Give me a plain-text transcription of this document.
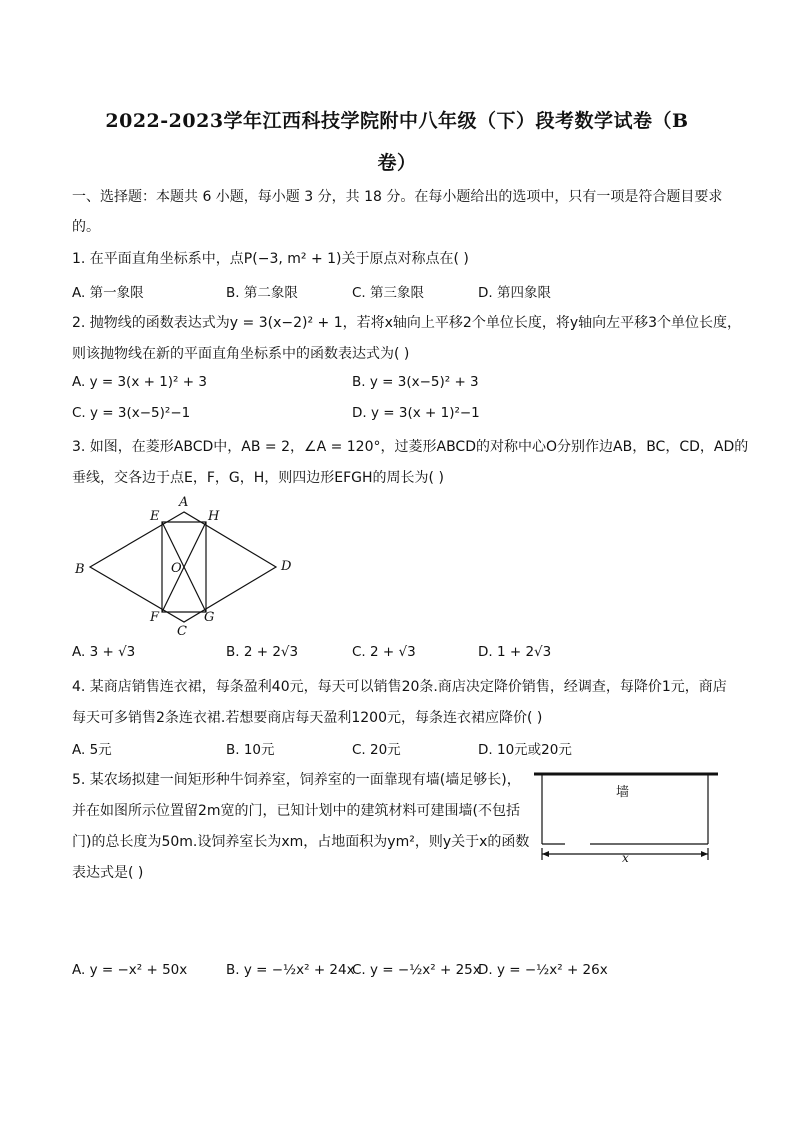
2022-2023学年江西科技学院附中八年级（下）段考数学试卷（B
卷）
一、选择题：本题共 6 小题，每小题 3 分，共 18 分。在每小题给出的选项中，只有一项是符合题目要求
的。
1. 在平面直角坐标系中，点P(−3, m² + 1)关于原点对称点在( )
A. 第一象限	B. 第二象限	C. 第三象限	D. 第四象限
2. 抛物线的函数表达式为y = 3(x−2)² + 1，若将x轴向上平移2个单位长度，将y轴向左平移3个单位长度，
则该抛物线在新的平面直角坐标系中的函数表达式为( )
A. y = 3(x + 1)² + 3	B. y = 3(x−5)² + 3
C. y = 3(x−5)²−1	D. y = 3(x + 1)²−1
3. 如图，在菱形ABCD中，AB = 2，∠A = 120°，过菱形ABCD的对称中心O分别作边AB，BC，CD，AD的
垂线，交各边于点E，F，G，H，则四边形EFGH的周长为( )
A
B
C
D
E
F	G
H
O
A. 3 + √3	B. 2 + 2√3	C. 2 + √3	D. 1 + 2√3
4. 某商店销售连衣裙，每条盈利40元，每天可以销售20条.商店决定降价销售，经调查，每降价1元，商店
每天可多销售2条连衣裙.若想要商店每天盈利1200元，每条连衣裙应降价( )
A. 5元	B. 10元	C. 20元	D. 10元或20元
5. 某农场拟建一间矩形种牛饲养室，饲养室的一面靠现有墙(墙足够长)，
并在如图所示位置留2m宽的门，已知计划中的建筑材料可建围墙(不包括
门)的总长度为50m.设饲养室长为xm，占地面积为ym²，则y关于x的函数
表达式是( )
墙
x
A. y = −x² + 50x	B. y = −½x² + 24x
C. y = −½x² + 25x
D. y = −½x² + 26x
